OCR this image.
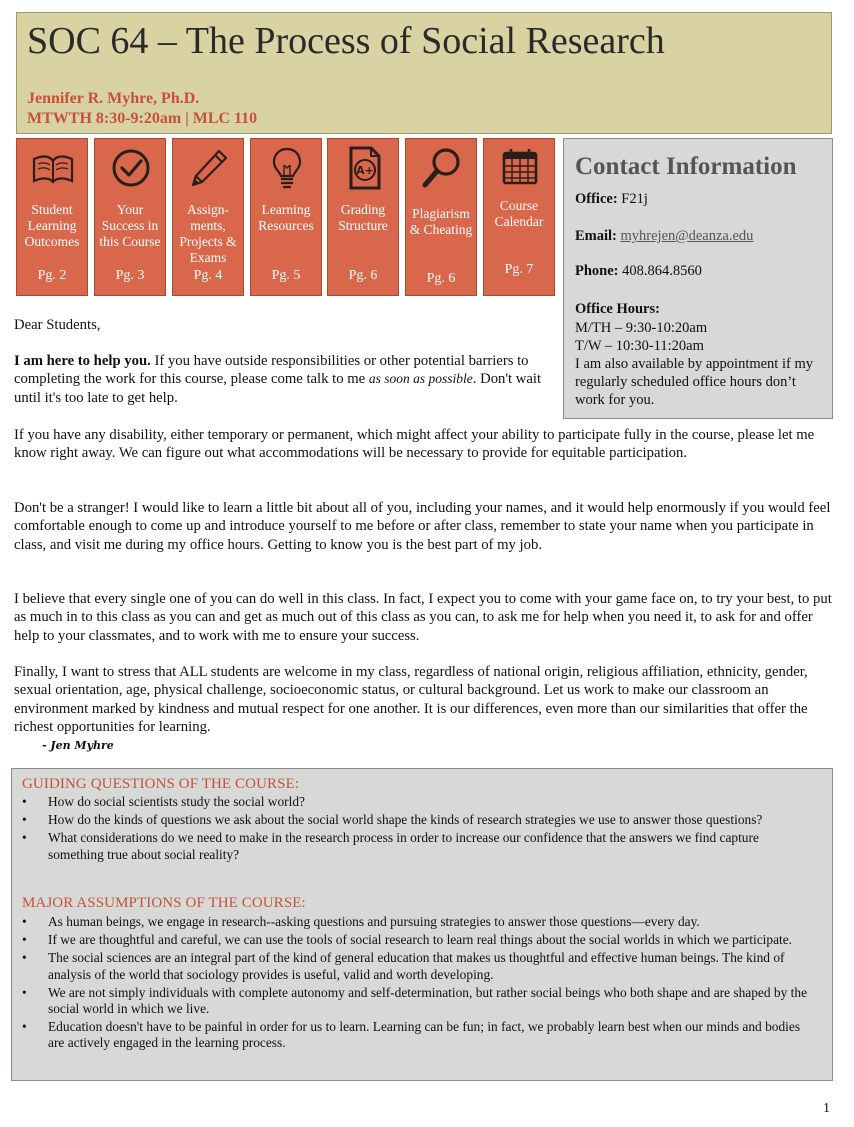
SOC 64 – The Process of Social Research
Jennifer R. Myhre, Ph.D.
MTWTH 8:30-9:20am | MLC 110
Student
Learning
Outcomes
Pg. 2
Your
Success in
this Course
Pg. 3
Assign-
ments,
Projects &
Exams
Pg. 4
Learning
Resources
Pg. 5
A+
Grading
Structure
Pg. 6
Plagiarism
& Cheating
Pg. 6
Course
Calendar
Pg. 7
Contact Information
Office: F21j
Email: myhrejen@deanza.edu
Phone: 408.864.8560
Office Hours:
M/TH – 9:30-10:20am
T/W – 10:30-11:20am
I am also available by appointment if my regularly scheduled office hours don’t work for you.

Dear Students,

I am here to help you. If you have outside responsibilities or other potential barriers to completing the work for this course, please come talk to me as soon as possible. Don't wait until it's too late to get help.

If you have any disability, either temporary or permanent, which might affect your ability to participate fully in the course, please let me know right away. We can figure out what accommodations will be necessary to provide for equitable participation.

Don't be a stranger! I would like to learn a little bit about all of you, including your names, and it would help enormously if you would feel comfortable enough to come up and introduce yourself to me before or after class, remember to state your name when you participate in class, and visit me during my office hours. Getting to know you is the best part of my job.

I believe that every single one of you can do well in this class. In fact, I expect you to come with your game face on, to try your best, to put as much in to this class as you can and get as much out of this class as you can, to ask me for help when you need it, to ask for and offer help to your classmates, and to work with me to ensure your success.

Finally, I want to stress that ALL students are welcome in my class, regardless of national origin, religious affiliation, ethnicity, gender, sexual orientation, age, physical challenge, socioeconomic status, or cultural background. Let us work to make our classroom an environment marked by kindness and mutual respect for one another. It is our differences, even more than our similarities that offer the richest opportunities for learning.

- Jen Myhre
GUIDING QUESTIONS OF THE COURSE:
• How do social scientists study the social world?
• How do the kinds of questions we ask about the social world shape the kinds of research strategies we use to answer those questions?
• What considerations do we need to make in the research process in order to increase our confidence that the answers we find capture something true about social reality?
MAJOR ASSUMPTIONS OF THE COURSE:
• As human beings, we engage in research--asking questions and pursuing strategies to answer those questions—every day.
• If we are thoughtful and careful, we can use the tools of social research to learn real things about the social worlds in which we participate.
• The social sciences are an integral part of the kind of general education that makes us thoughtful and effective human beings. The kind of analysis of the world that sociology provides is useful, valid and worth developing.
• We are not simply individuals with complete autonomy and self-determination, but rather social beings who both shape and are shaped by the social world in which we live.
• Education doesn't have to be painful in order for us to learn. Learning can be fun; in fact, we probably learn best when our minds and bodies are actively engaged in the learning process.
1
